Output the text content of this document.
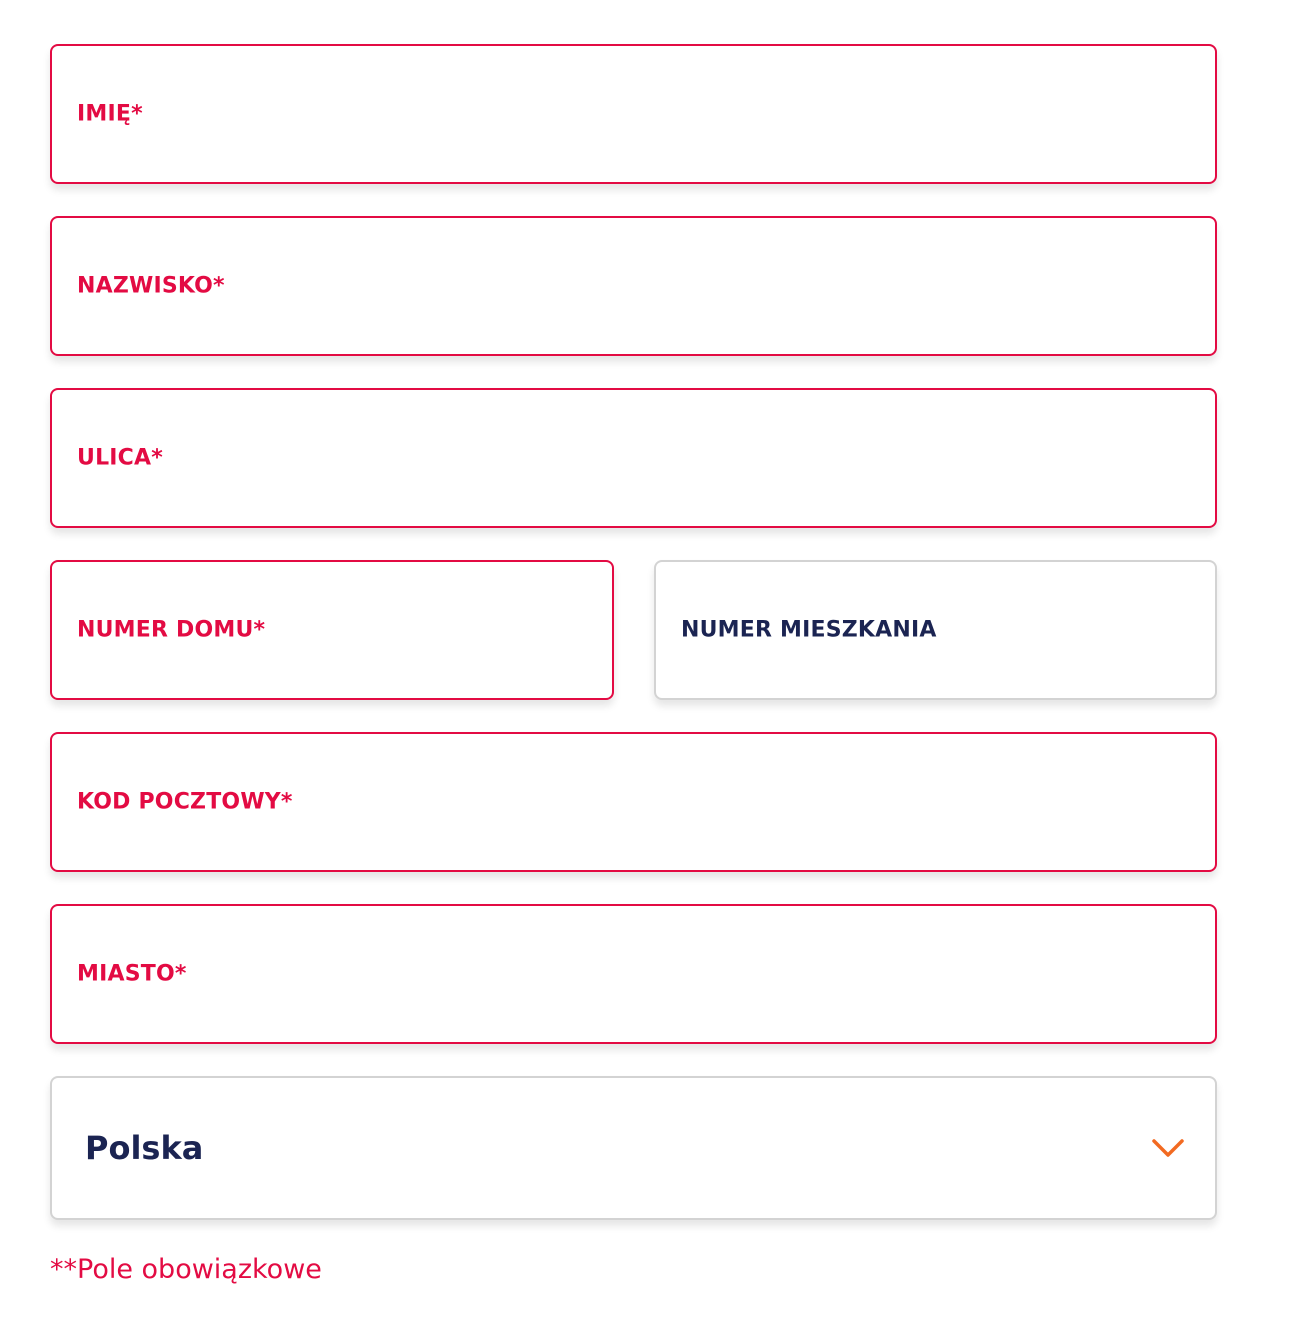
IMIĘ*
NAZWISKO*
ULICA*
NUMER DOMU*	NUMER MIESZKANIA
KOD POCZTOWY*
MIASTO*
Polska
**Pole obowiązkowe
